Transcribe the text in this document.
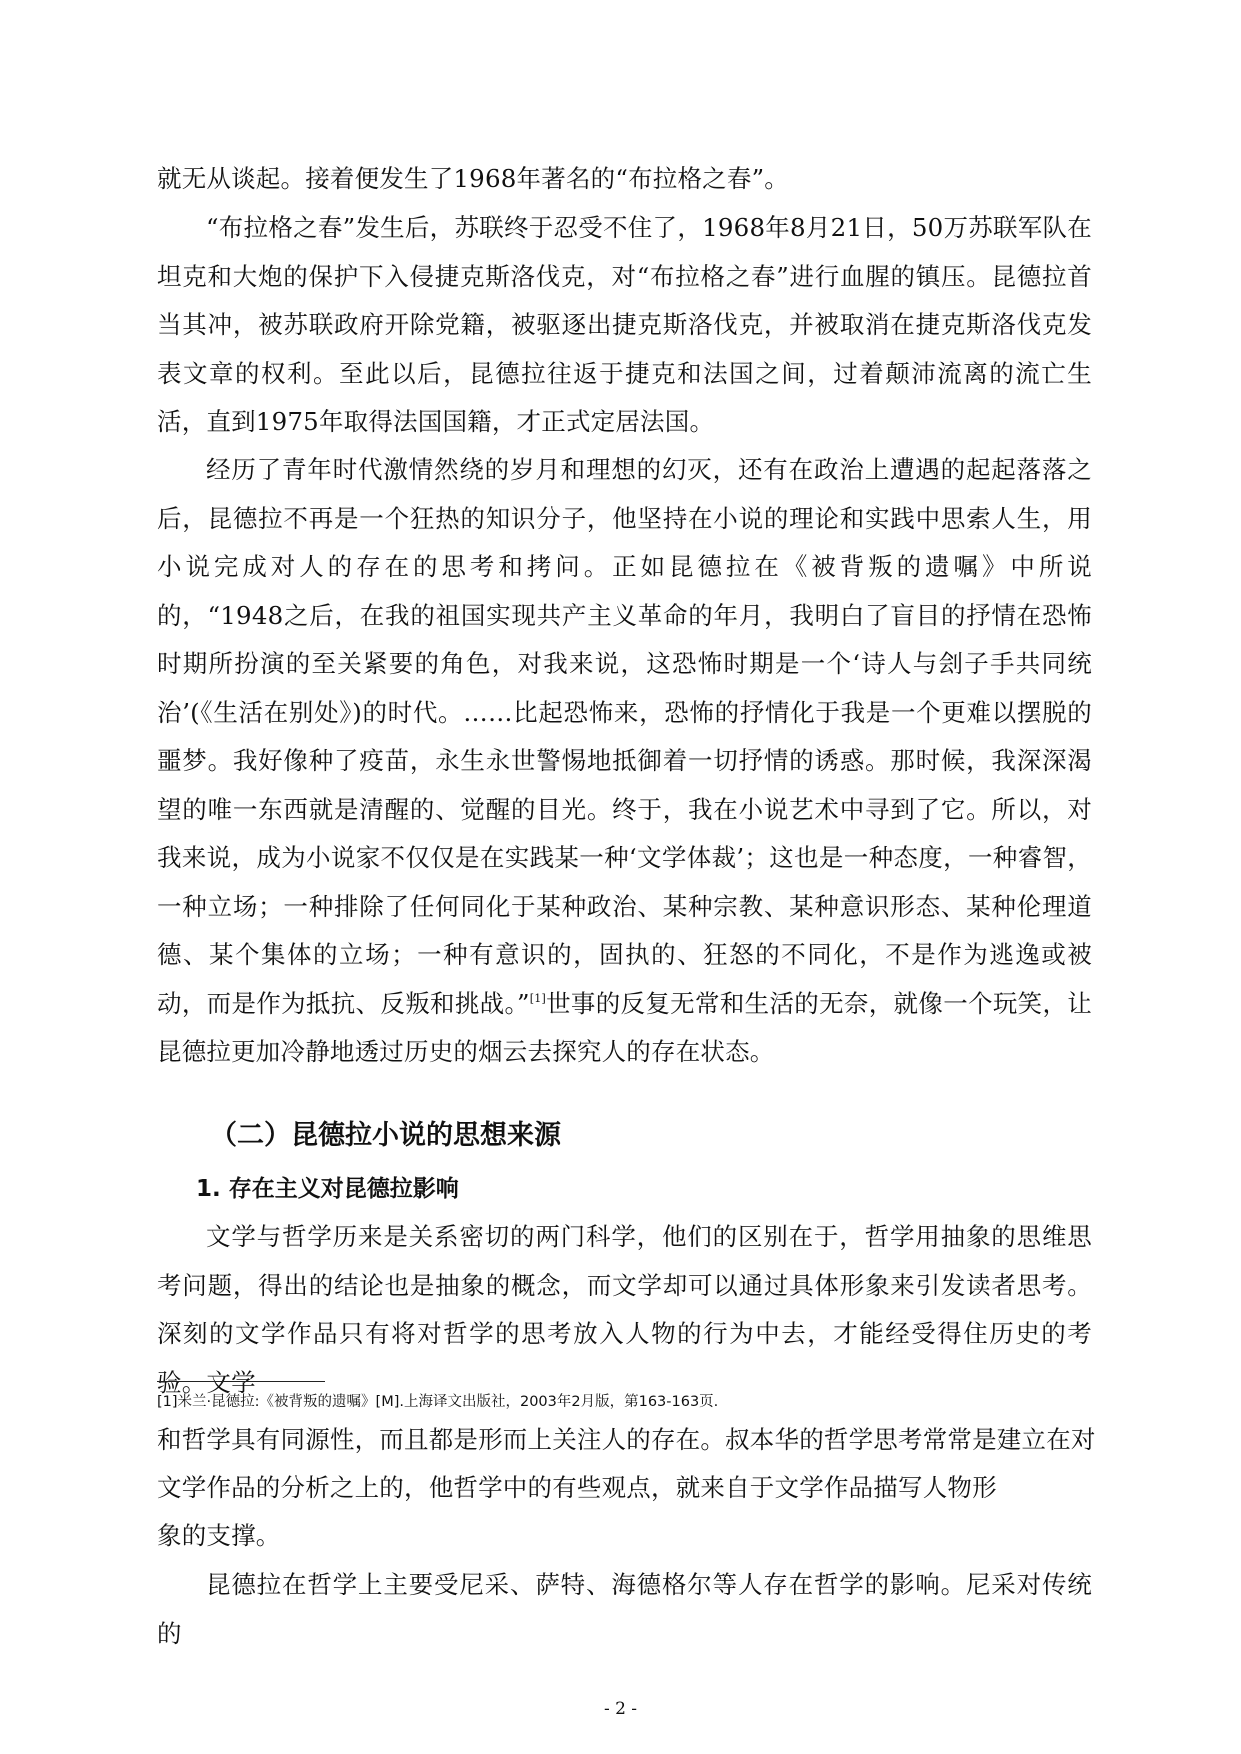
就无从谈起。接着便发生了1968年著名的“布拉格之春”。

“布拉格之春”发生后，苏联终于忍受不住了，1968年8月21日，50万苏联军队在坦克和大炮的保护下入侵捷克斯洛伐克，对“布拉格之春”进行血腥的镇压。昆德拉首当其冲，被苏联政府开除党籍，被驱逐出捷克斯洛伐克，并被取消在捷克斯洛伐克发表文章的权利。至此以后，昆德拉往返于捷克和法国之间，过着颠沛流离的流亡生活，直到1975年取得法国国籍，才正式定居法国。

经历了青年时代激情然绕的岁月和理想的幻灭，还有在政治上遭遇的起起落落之后，昆德拉不再是一个狂热的知识分子，他坚持在小说的理论和实践中思索人生，用小说完成对人的存在的思考和拷问。正如昆德拉在《被背叛的遗嘱》中所说的，“1948之后，在我的祖国实现共产主义革命的年月，我明白了盲目的抒情在恐怖时期所扮演的至关紧要的角色，对我来说，这恐怖时期是一个‘诗人与刽子手共同统治’(《生活在别处》)的时代。……比起恐怖来，恐怖的抒情化于我是一个更难以摆脱的噩梦。我好像种了疫苗，永生永世警惕地抵御着一切抒情的诱惑。那时候，我深深渴望的唯一东西就是清醒的、觉醒的目光。终于，我在小说艺术中寻到了它。所以，对我来说，成为小说家不仅仅是在实践某一种‘文学体裁’；这也是一种态度，一种睿智，一种立场；一种排除了任何同化于某种政治、某种宗教、某种意识形态、某种伦理道德、某个集体的立场；一种有意识的，固执的、狂怒的不同化，不是作为逃逸或被动，而是作为抵抗、反叛和挑战。”[1]世事的反复无常和生活的无奈，就像一个玩笑，让昆德拉更加冷静地透过历史的烟云去探究人的存在状态。

（二）昆德拉小说的思想来源
1. 存在主义对昆德拉影响

文学与哲学历来是关系密切的两门科学，他们的区别在于，哲学用抽象的思维思考问题，得出的结论也是抽象的概念，而文学却可以通过具体形象来引发读者思考。深刻的文学作品只有将对哲学的思考放入人物的行为中去，才能经受得住历史的考验。文学

[1]米兰·昆德拉:《被背叛的遗嘱》[M].上海译文出版社，2003年2月版，第163-163页.

和哲学具有同源性，而且都是形而上关注人的存在。叔本华的哲学思考常常是建立在对

文学作品的分析之上的，他哲学中的有些观点，就来自于文学作品描写人物形

象的支撑。

昆德拉在哲学上主要受尼采、萨特、海德格尔等人存在哲学的影响。尼采对传统的

- 2 -
